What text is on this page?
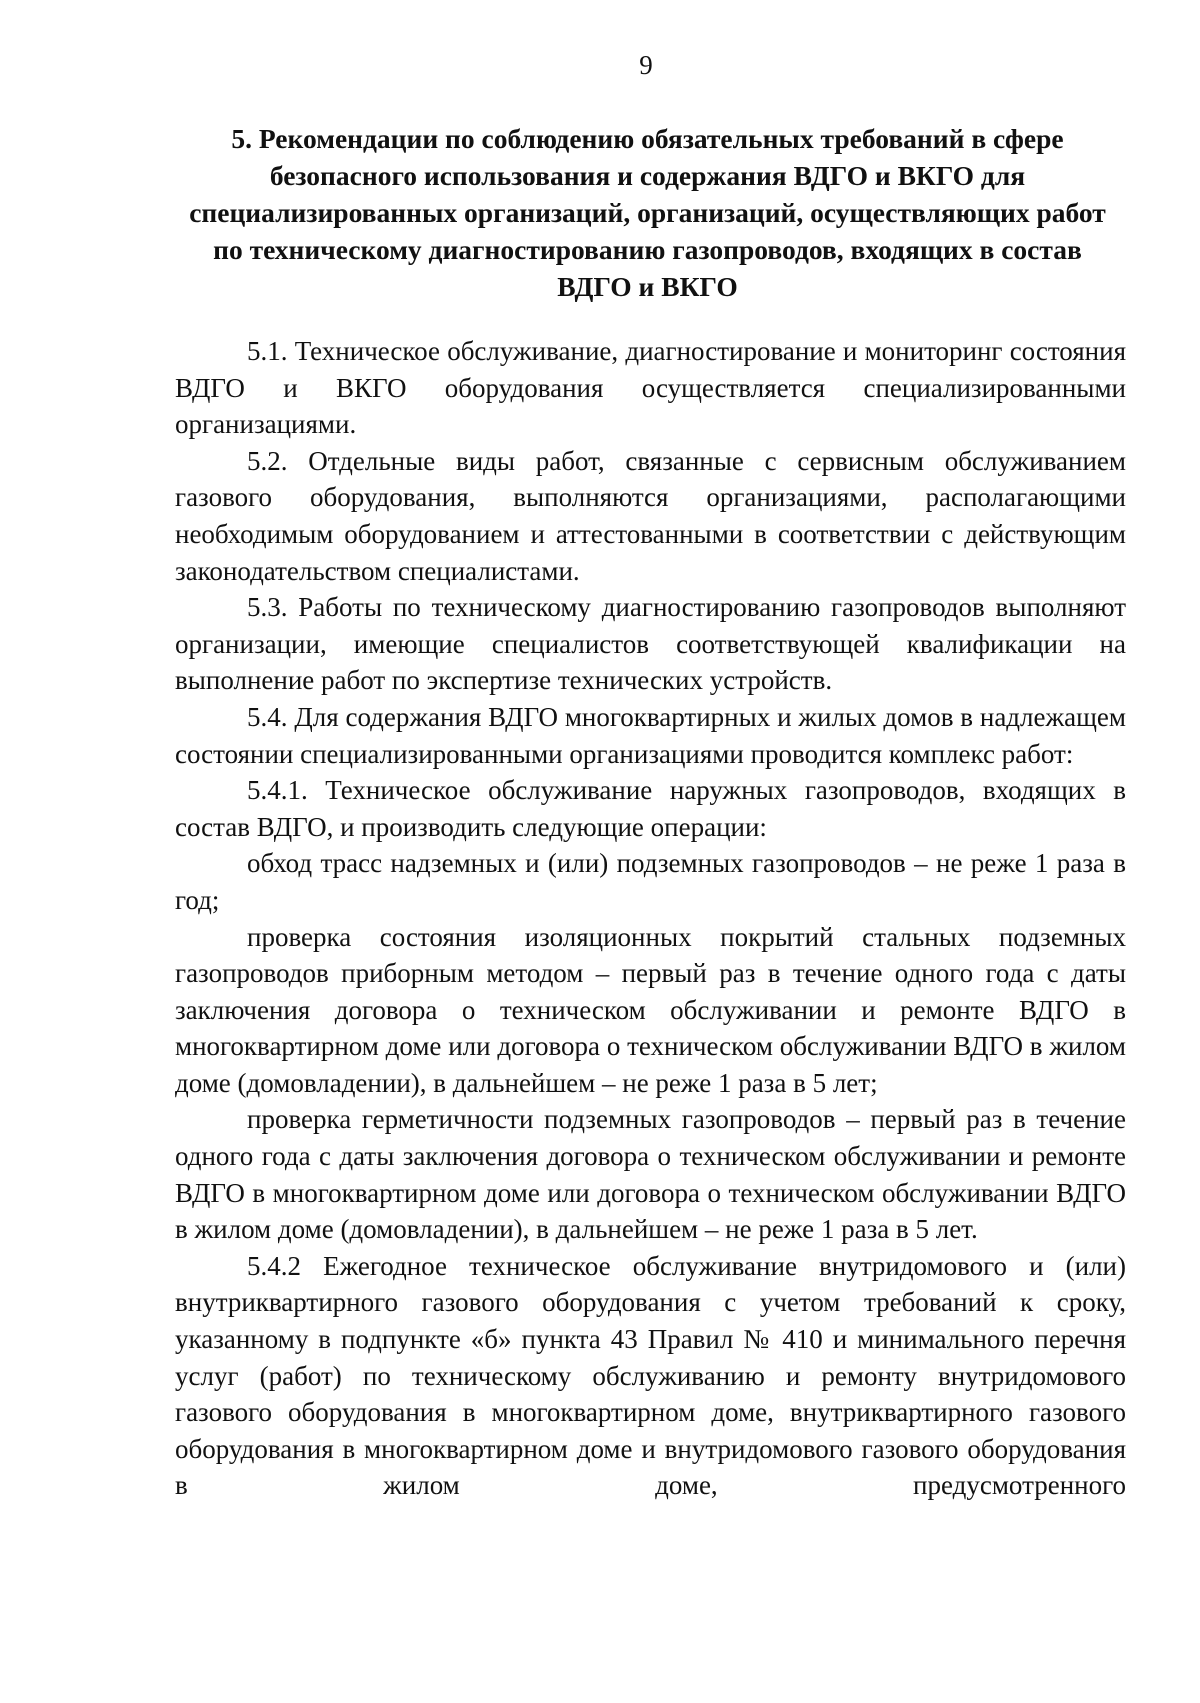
9
5. Рекомендации по соблюдению обязательных требований в сфере безопасного использования и содержания ВДГО и ВКГО для специализированных организаций, организаций, осуществляющих работ по техническому диагностированию газопроводов, входящих в состав ВДГО и ВКГО

5.1. Техническое обслуживание, диагностирование и мониторинг состояния ВДГО и ВКГО оборудования осуществляется специализированными организациями.

5.2. Отдельные виды работ, связанные с сервисным обслуживанием газового оборудования, выполняются организациями, располагающими необходимым оборудованием и аттестованными в соответствии с действующим законодательством специалистами.

5.3. Работы по техническому диагностированию газопроводов выполняют организации, имеющие специалистов соответствующей квалификации на выполнение работ по экспертизе технических устройств.

5.4. Для содержания ВДГО многоквартирных и жилых домов в надлежащем состоянии специализированными организациями проводится комплекс работ:

5.4.1. Техническое обслуживание наружных газопроводов, входящих в состав ВДГО, и производить следующие операции:

обход трасс надземных и (или) подземных газопроводов – не реже 1 раза в год;

проверка состояния изоляционных покрытий стальных подземных газопроводов приборным методом – первый раз в течение одного года с даты заключения договора о техническом обслуживании и ремонте ВДГО в многоквартирном доме или договора о техническом обслуживании ВДГО в жилом доме (домовладении), в дальнейшем – не реже 1 раза в 5 лет;

проверка герметичности подземных газопроводов – первый раз в течение одного года с даты заключения договора о техническом обслуживании и ремонте ВДГО в многоквартирном доме или договора о техническом обслуживании ВДГО в жилом доме (домовладении), в дальнейшем – не реже 1 раза в 5 лет.

5.4.2 Ежегодное техническое обслуживание внутридомового и (или) внутриквартирного газового оборудования с учетом требований к сроку, указанному в подпункте «б» пункта 43 Правил № 410 и минимального перечня услуг (работ) по техническому обслуживанию и ремонту внутридомового газового оборудования в многоквартирном доме, внутриквартирного газового оборудования в многоквартирном доме и внутридомового газового оборудования в жилом доме, предусмотренного
